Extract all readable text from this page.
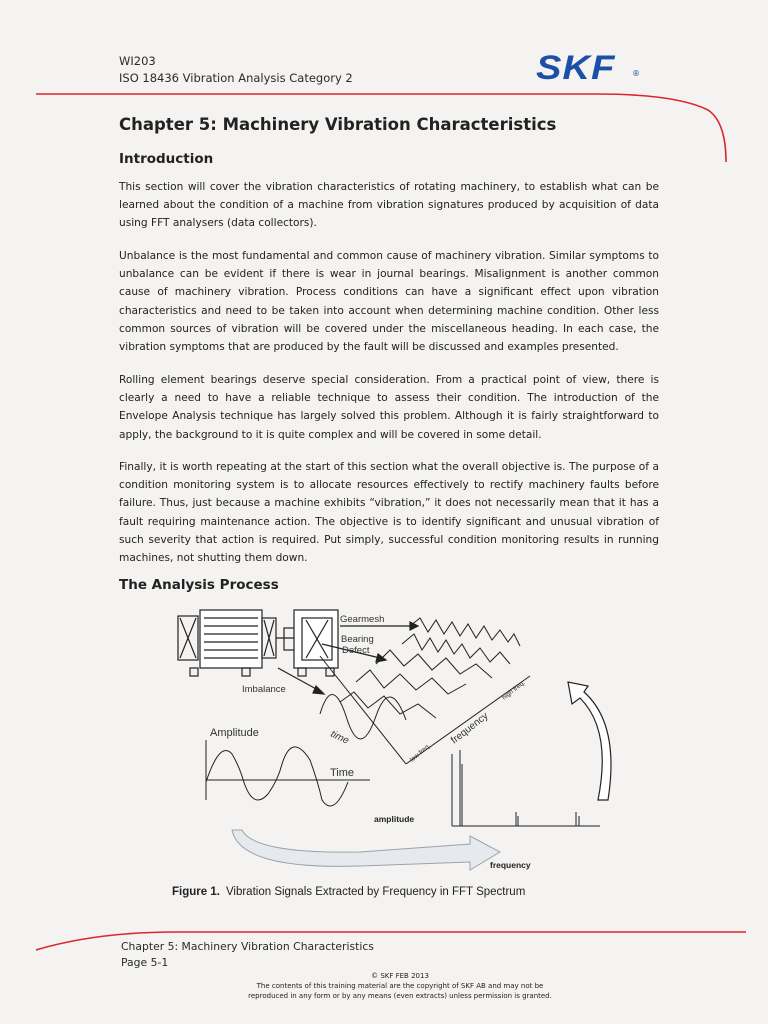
WI203
ISO 18436 Vibration Analysis Category 2	SKF ®
Chapter 5: Machinery Vibration Characteristics
Introduction

This section will cover the vibration characteristics of rotating machinery, to establish what can be learned about the condition of a machine from vibration signatures produced by acquisition of data using FFT analysers (data collectors).

Unbalance is the most fundamental and common cause of machinery vibration. Similar symptoms to unbalance can be evident if there is wear in journal bearings. Misalignment is another common cause of machinery vibration. Process conditions can have a significant effect upon vibration characteristics and need to be taken into account when determining machine condition. Other less common sources of vibration will be covered under the miscellaneous heading. In each case, the vibration symptoms that are produced by the fault will be discussed and examples presented.

Rolling element bearings deserve special consideration. From a practical point of view, there is clearly a need to have a reliable technique to assess their condition. The introduction of the Envelope Analysis technique has largely solved this problem. Although it is fairly straightforward to apply, the background to it is quite complex and will be covered in some detail.

Finally, it is worth repeating at the start of this section what the overall objective is. The purpose of a condition monitoring system is to allocate resources effectively to rectify machinery faults before failure. Thus, just because a machine exhibits “vibration,” it does not necessarily mean that it has a fault requiring maintenance action. The objective is to identify significant and unusual vibration of such severity that action is required. Put simply, successful condition monitoring results in running machines, not shutting them down.

The Analysis Process
Gearmesh
Bearing
Defect
Imbalance
Amplitude	time	frequency
high freq.
low freq.
Time
amplitude
frequency
Figure 1. Vibration Signals Extracted by Frequency in FFT Spectrum
Chapter 5: Machinery Vibration Characteristics
Page 5-1
© SKF FEB 2013
The contents of this training material are the copyright of SKF AB and may not be
reproduced in any form or by any means (even extracts) unless permission is granted.
